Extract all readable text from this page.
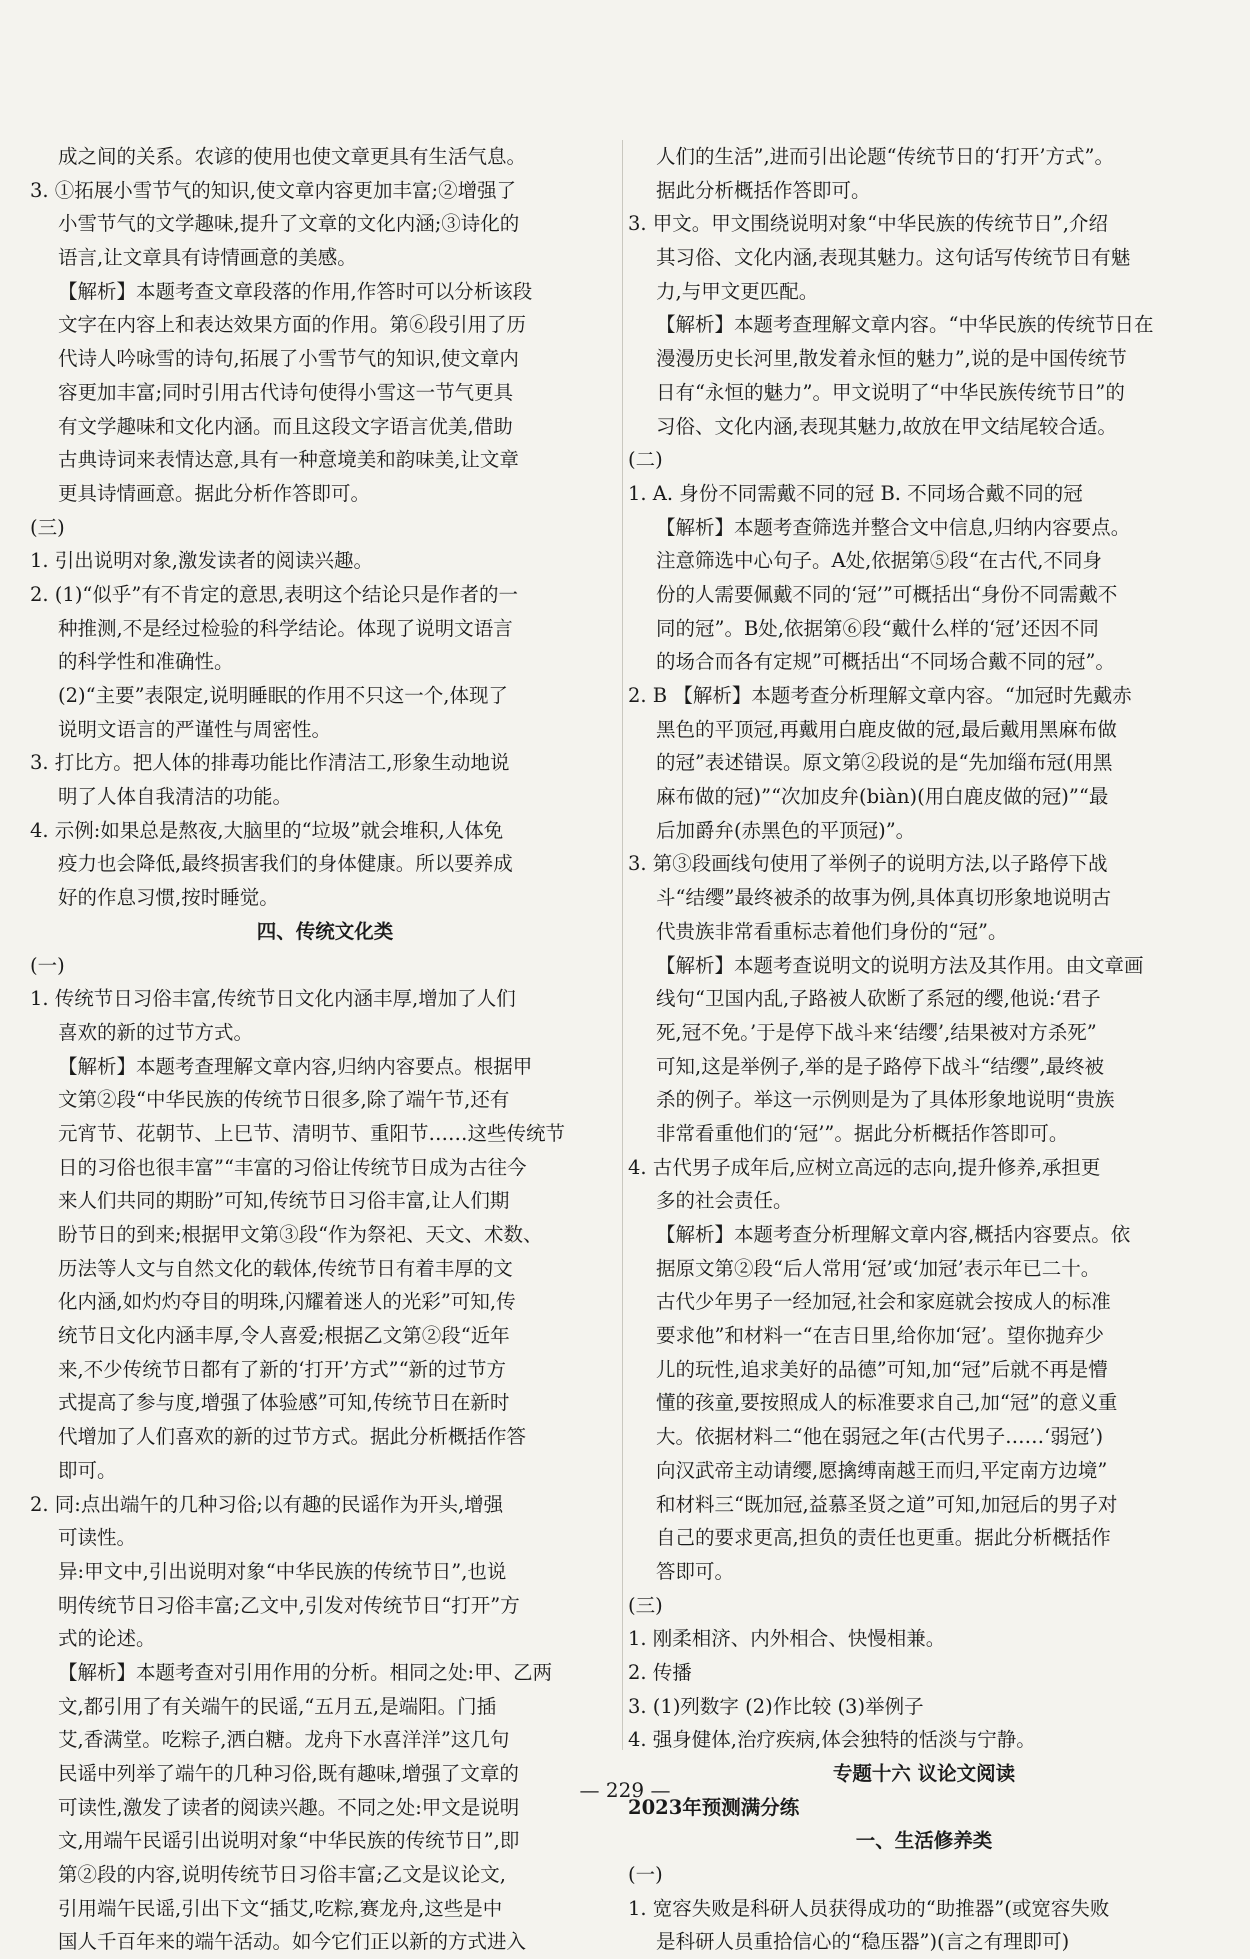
成之间的关系。农谚的使用也使文章更具有生活气息。
3. ①拓展小雪节气的知识,使文章内容更加丰富;②增强了
小雪节气的文学趣味,提升了文章的文化内涵;③诗化的
语言,让文章具有诗情画意的美感。
【解析】本题考查文章段落的作用,作答时可以分析该段
文字在内容上和表达效果方面的作用。第⑥段引用了历
代诗人吟咏雪的诗句,拓展了小雪节气的知识,使文章内
容更加丰富;同时引用古代诗句使得小雪这一节气更具
有文学趣味和文化内涵。而且这段文字语言优美,借助
古典诗词来表情达意,具有一种意境美和韵味美,让文章
更具诗情画意。据此分析作答即可。
(三)
1. 引出说明对象,激发读者的阅读兴趣。
2. (1)“似乎”有不肯定的意思,表明这个结论只是作者的一
种推测,不是经过检验的科学结论。体现了说明文语言
的科学性和准确性。
(2)“主要”表限定,说明睡眠的作用不只这一个,体现了
说明文语言的严谨性与周密性。
3. 打比方。把人体的排毒功能比作清洁工,形象生动地说
明了人体自我清洁的功能。
4. 示例:如果总是熬夜,大脑里的“垃圾”就会堆积,人体免
疫力也会降低,最终损害我们的身体健康。所以要养成
好的作息习惯,按时睡觉。
四、传统文化类
(一)
1. 传统节日习俗丰富,传统节日文化内涵丰厚,增加了人们
喜欢的新的过节方式。
【解析】本题考查理解文章内容,归纳内容要点。根据甲
文第②段“中华民族的传统节日很多,除了端午节,还有
元宵节、花朝节、上巳节、清明节、重阳节……这些传统节
日的习俗也很丰富”“丰富的习俗让传统节日成为古往今
来人们共同的期盼”可知,传统节日习俗丰富,让人们期
盼节日的到来;根据甲文第③段“作为祭祀、天文、术数、
历法等人文与自然文化的载体,传统节日有着丰厚的文
化内涵,如灼灼夺目的明珠,闪耀着迷人的光彩”可知,传
统节日文化内涵丰厚,令人喜爱;根据乙文第②段“近年
来,不少传统节日都有了新的‘打开’方式”“新的过节方
式提高了参与度,增强了体验感”可知,传统节日在新时
代增加了人们喜欢的新的过节方式。据此分析概括作答
即可。
2. 同:点出端午的几种习俗;以有趣的民谣作为开头,增强
可读性。
异:甲文中,引出说明对象“中华民族的传统节日”,也说
明传统节日习俗丰富;乙文中,引发对传统节日“打开”方
式的论述。
【解析】本题考查对引用作用的分析。相同之处:甲、乙两
文,都引用了有关端午的民谣,“五月五,是端阳。门插
艾,香满堂。吃粽子,洒白糖。龙舟下水喜洋洋”这几句
民谣中列举了端午的几种习俗,既有趣味,增强了文章的
可读性,激发了读者的阅读兴趣。不同之处:甲文是说明
文,用端午民谣引出说明对象“中华民族的传统节日”,即
第②段的内容,说明传统节日习俗丰富;乙文是议论文,
引用端午民谣,引出下文“插艾,吃粽,赛龙舟,这些是中
国人千百年来的端午活动。如今它们正以新的方式进入
人们的生活”,进而引出论题“传统节日的‘打开’方式”。
据此分析概括作答即可。
3. 甲文。甲文围绕说明对象“中华民族的传统节日”,介绍
其习俗、文化内涵,表现其魅力。这句话写传统节日有魅
力,与甲文更匹配。
【解析】本题考查理解文章内容。“中华民族的传统节日在
漫漫历史长河里,散发着永恒的魅力”,说的是中国传统节
日有“永恒的魅力”。甲文说明了“中华民族传统节日”的
习俗、文化内涵,表现其魅力,故放在甲文结尾较合适。
(二)
1. A. 身份不同需戴不同的冠 B. 不同场合戴不同的冠
【解析】本题考查筛选并整合文中信息,归纳内容要点。
注意筛选中心句子。A处,依据第⑤段“在古代,不同身
份的人需要佩戴不同的‘冠’”可概括出“身份不同需戴不
同的冠”。B处,依据第⑥段“戴什么样的‘冠’还因不同
的场合而各有定规”可概括出“不同场合戴不同的冠”。
2. B 【解析】本题考查分析理解文章内容。“加冠时先戴赤
黑色的平顶冠,再戴用白鹿皮做的冠,最后戴用黑麻布做
的冠”表述错误。原文第②段说的是“先加缁布冠(用黑
麻布做的冠)”“次加皮弁(biàn)(用白鹿皮做的冠)”“最
后加爵弁(赤黑色的平顶冠)”。
3. 第③段画线句使用了举例子的说明方法,以子路停下战
斗“结缨”最终被杀的故事为例,具体真切形象地说明古
代贵族非常看重标志着他们身份的“冠”。
【解析】本题考查说明文的说明方法及其作用。由文章画
线句“卫国内乱,子路被人砍断了系冠的缨,他说:‘君子
死,冠不免。’于是停下战斗来‘结缨’,结果被对方杀死”
可知,这是举例子,举的是子路停下战斗“结缨”,最终被
杀的例子。举这一示例则是为了具体形象地说明“贵族
非常看重他们的‘冠’”。据此分析概括作答即可。
4. 古代男子成年后,应树立高远的志向,提升修养,承担更
多的社会责任。
【解析】本题考查分析理解文章内容,概括内容要点。依
据原文第②段“后人常用‘冠’或‘加冠’表示年已二十。
古代少年男子一经加冠,社会和家庭就会按成人的标准
要求他”和材料一“在吉日里,给你加‘冠’。望你抛弃少
儿的玩性,追求美好的品德”可知,加“冠”后就不再是懵
懂的孩童,要按照成人的标准要求自己,加“冠”的意义重
大。依据材料二“他在弱冠之年(古代男子……‘弱冠’)
向汉武帝主动请缨,愿擒缚南越王而归,平定南方边境”
和材料三“既加冠,益慕圣贤之道”可知,加冠后的男子对
自己的要求更高,担负的责任也更重。据此分析概括作
答即可。
(三)
1. 刚柔相济、内外相合、快慢相兼。
2. 传播
3. (1)列数字 (2)作比较 (3)举例子
4. 强身健体,治疗疾病,体会独特的恬淡与宁静。
专题十六 议论文阅读
2023年预测满分练
一、生活修养类
(一)
1. 宽容失败是科研人员获得成功的“助推器”(或宽容失败
是科研人员重拾信心的“稳压器”)(言之有理即可)
— 229 —
